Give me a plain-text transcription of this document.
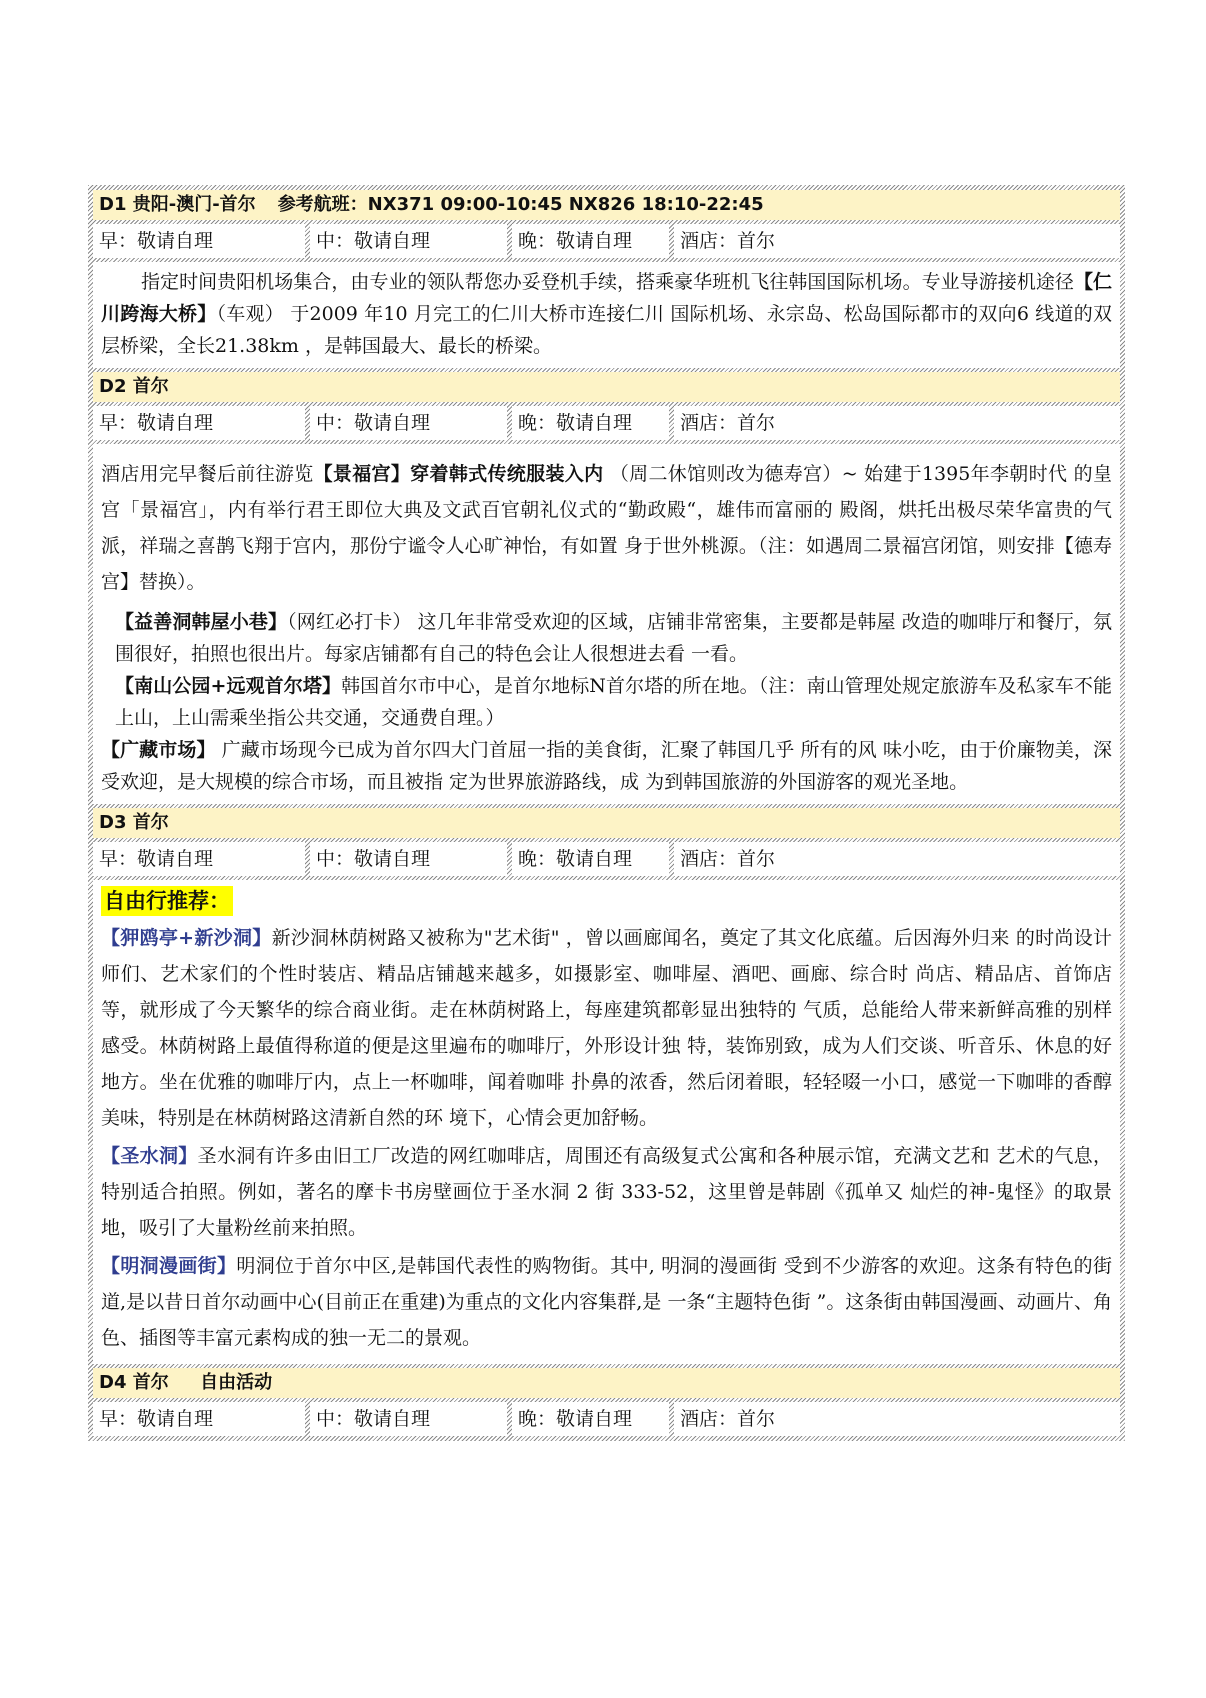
D1 贵阳-澳门-首尔 参考航班：NX371 09:00-10:45 NX826 18:10-22:45
早：敬请自理	中：敬请自理	晚：敬请自理	酒店：首尔

指定时间贵阳机场集合，由专业的领队帮您办妥登机手续，搭乘豪华班机飞往韩国国际机场。专业导游接机途径【仁川跨海大桥】（车观） 于2009 年10 月完工的仁川大桥市连接仁川 国际机场、永宗岛、松岛国际都市的双向6 线道的双层桥梁，全长21.38km ，是韩国最大、最长的桥梁。

D2 首尔
早：敬请自理	中：敬请自理	晚：敬请自理	酒店：首尔

酒店用完早餐后前往游览【景福宫】穿着韩式传统服装入内 （周二休馆则改为德寿宫）~ 始建于1395年李朝时代 的皇宫「景福宫」，内有举行君王即位大典及文武百官朝礼仪式的“勤政殿“，雄伟而富丽的 殿阁，烘托出极尽荣华富贵的气派，祥瑞之喜鹊飞翔于宫内，那份宁谧令人心旷神怡，有如置 身于世外桃源。（注：如遇周二景福宫闭馆，则安排【德寿宫】替换）。

【益善洞韩屋小巷】（网红必打卡） 这几年非常受欢迎的区域，店铺非常密集，主要都是韩屋 改造的咖啡厅和餐厅，氛围很好，拍照也很出片。每家店铺都有自己的特色会让人很想进去看 一看。

【南山公园+远观首尔塔】韩国首尔市中心，是首尔地标N首尔塔的所在地。（注：南山管理处规定旅游车及私家车不能上山，上山需乘坐指公共交通，交通费自理。）

【广藏市场】 广藏市场现今已成为首尔四大门首屈一指的美食街，汇聚了韩国几乎 所有的风 味小吃，由于价廉物美，深受欢迎，是大规模的综合市场，而且被指 定为世界旅游路线，成 为到韩国旅游的外国游客的观光圣地。

D3 首尔
早：敬请自理	中：敬请自理	晚：敬请自理	酒店：首尔
自由行推荐：

【狎鸥亭+新沙洞】新沙洞林荫树路又被称为"艺术街" ，曾以画廊闻名，奠定了其文化底蕴。后因海外归来 的时尚设计师们、艺术家们的个性时装店、精品店铺越来越多，如摄影室、咖啡屋、酒吧、画廊、综合时 尚店、精品店、首饰店等，就形成了今天繁华的综合商业街。走在林荫树路上，每座建筑都彰显出独特的 气质，总能给人带来新鲜高雅的别样感受。林荫树路上最值得称道的便是这里遍布的咖啡厅，外形设计独 特，装饰别致，成为人们交谈、听音乐、休息的好地方。坐在优雅的咖啡厅内，点上一杯咖啡，闻着咖啡 扑鼻的浓香，然后闭着眼，轻轻啜一小口，感觉一下咖啡的香醇美味，特别是在林荫树路这清新自然的环 境下，心情会更加舒畅。

【圣水洞】圣水洞有许多由旧工厂改造的网红咖啡店，周围还有高级复式公寓和各种展示馆，充满文艺和 艺术的气息，特别适合拍照。例如，著名的摩卡书房壁画位于圣水洞 2 街 333-52，这里曾是韩剧《孤单又 灿烂的神-鬼怪》的取景地，吸引了大量粉丝前来拍照。

【明洞漫画街】明洞位于首尔中区,是韩国代表性的购物街。其中, 明洞的漫画街 受到不少游客的欢迎。这条有特色的街道,是以昔日首尔动画中心(目前正在重建)为重点的文化内容集群,是 一条“主题特色街 ”。这条街由韩国漫画、动画片、角色、插图等丰富元素构成的独一无二的景观。

D4 首尔     自由活动
早：敬请自理	中：敬请自理	晚：敬请自理	酒店：首尔
